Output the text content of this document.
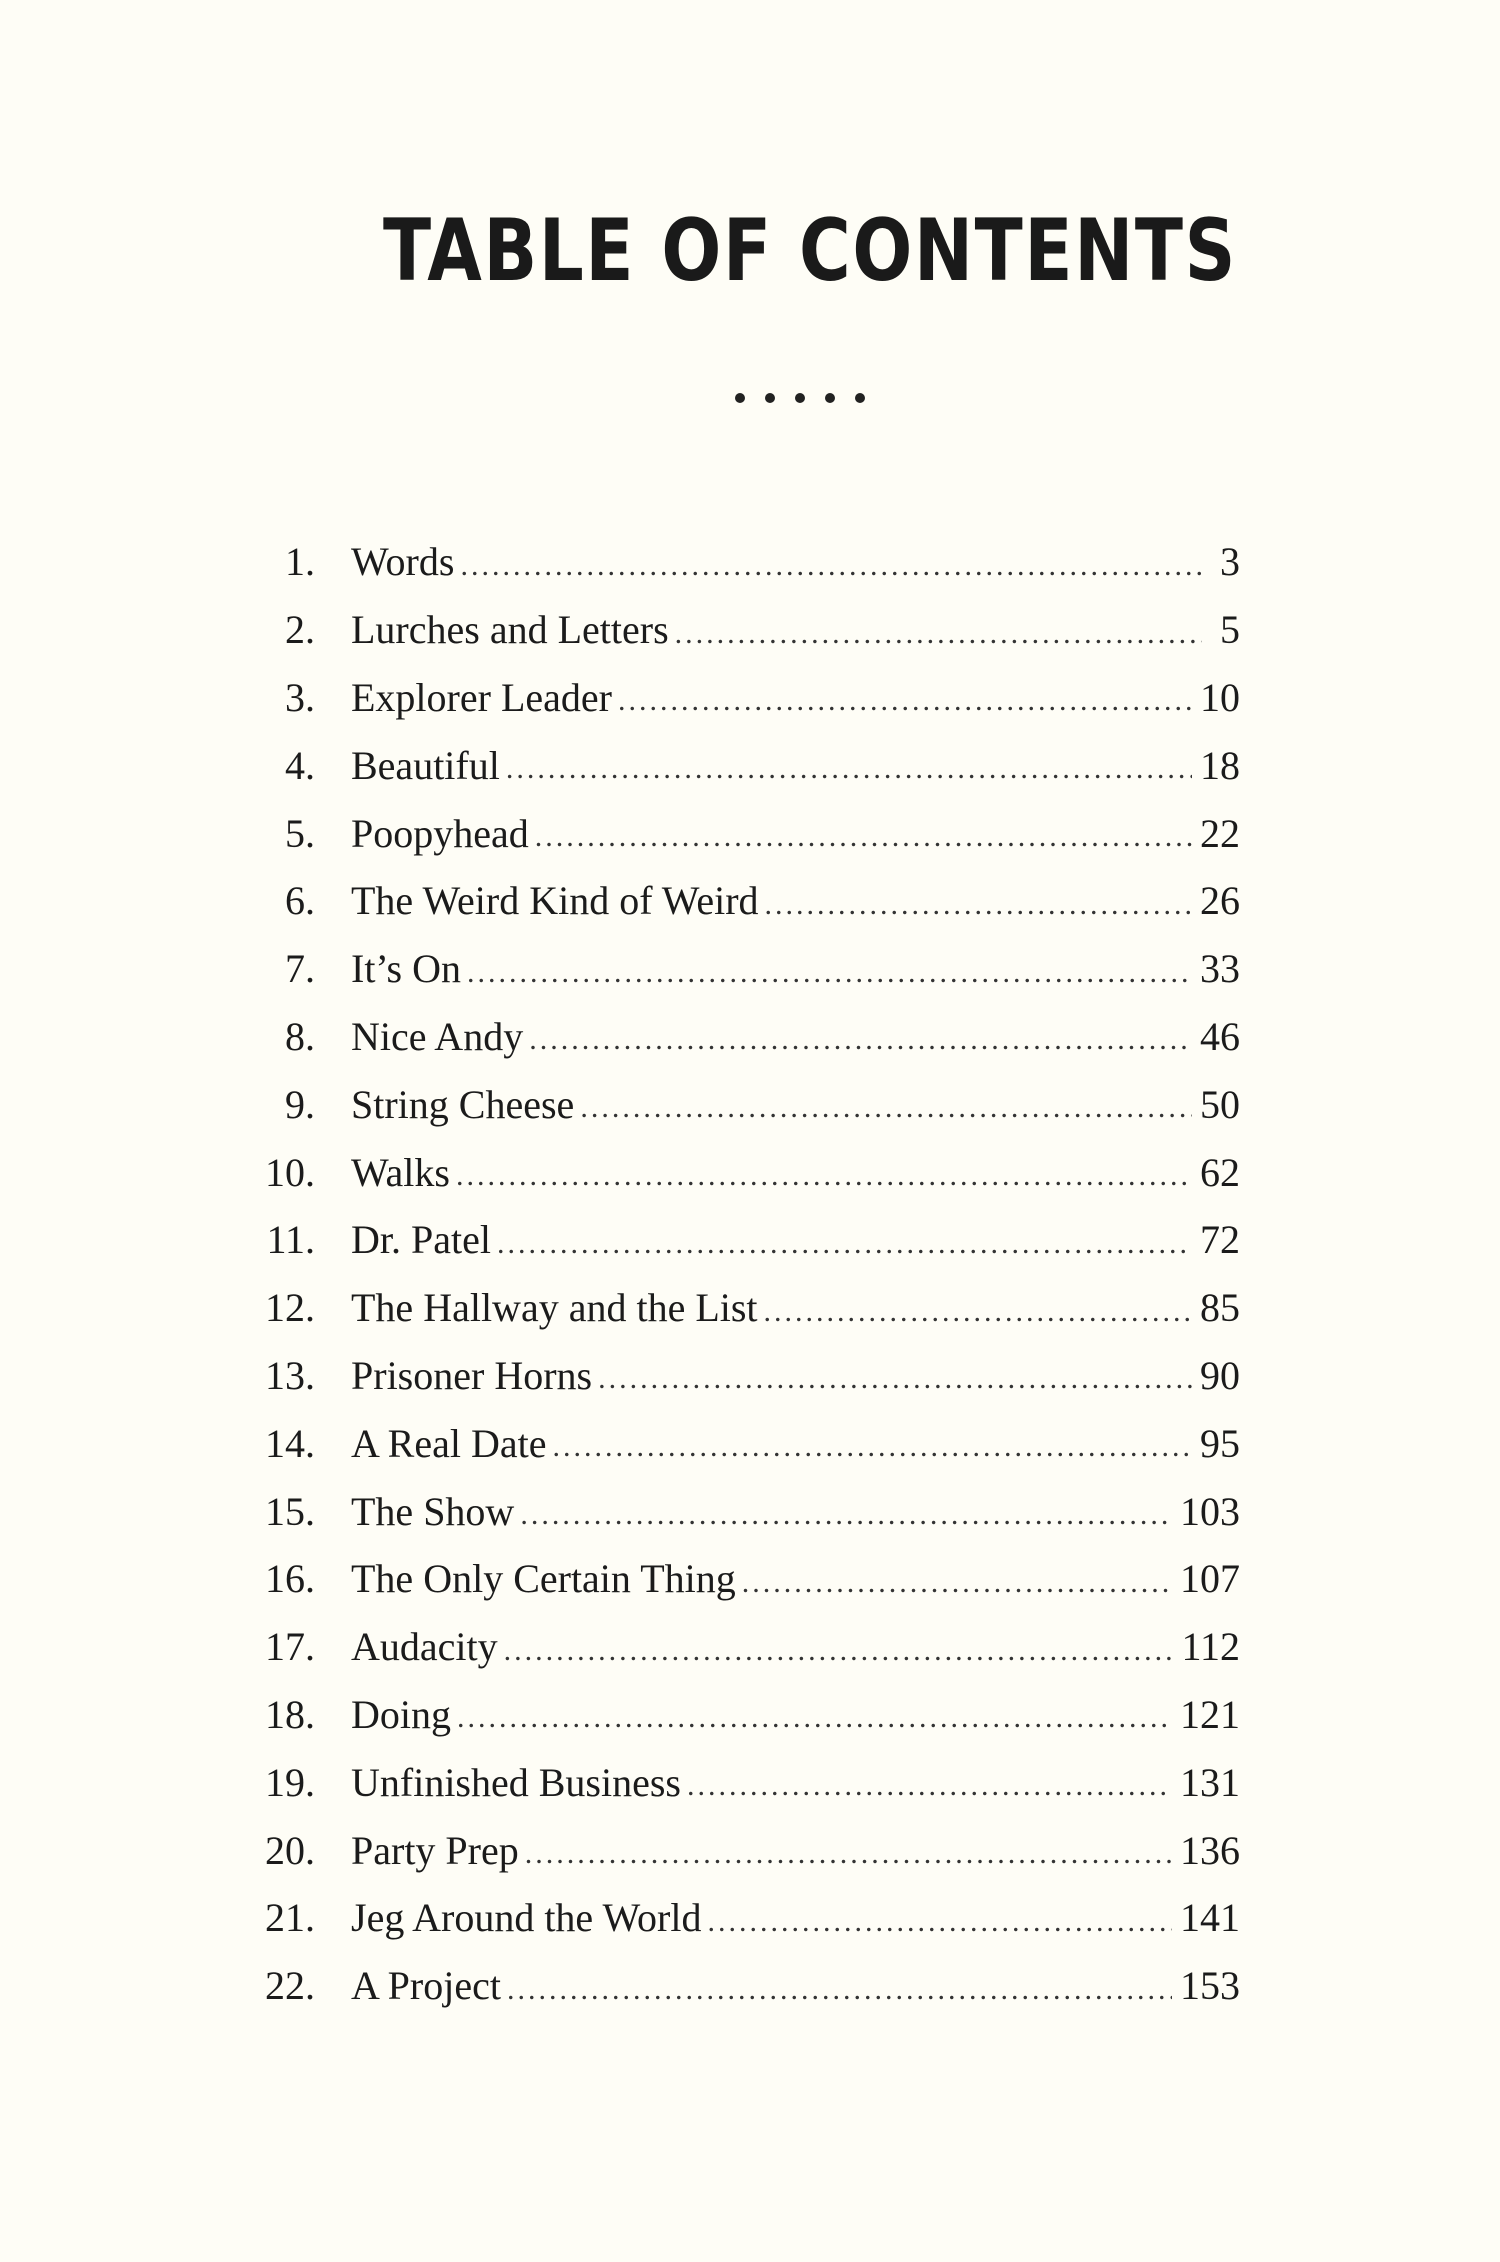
TABLE OF CONTENTS
1. Words .....	3
2. Lurches and Letters .....	5
3. Explorer Leader .....	10
4. Beautiful .....	18
5. Poopyhead .....	22
6. The Weird Kind of Weird .....	26
7. It’s On .....	33
8. Nice Andy .....	46
9. String Cheese .....	50
10. Walks .....	62
11. Dr. Patel .....	72
12. The Hallway and the List .....	85
13. Prisoner Horns .....	90
14. A Real Date .....	95
15. The Show .....	103
16. The Only Certain Thing .....	107
17. Audacity .....	112
18. Doing .....	121
19. Unfinished Business .....	131
20. Party Prep .....	136
21. Jeg Around the World .....	141
22. A Project .....	153
